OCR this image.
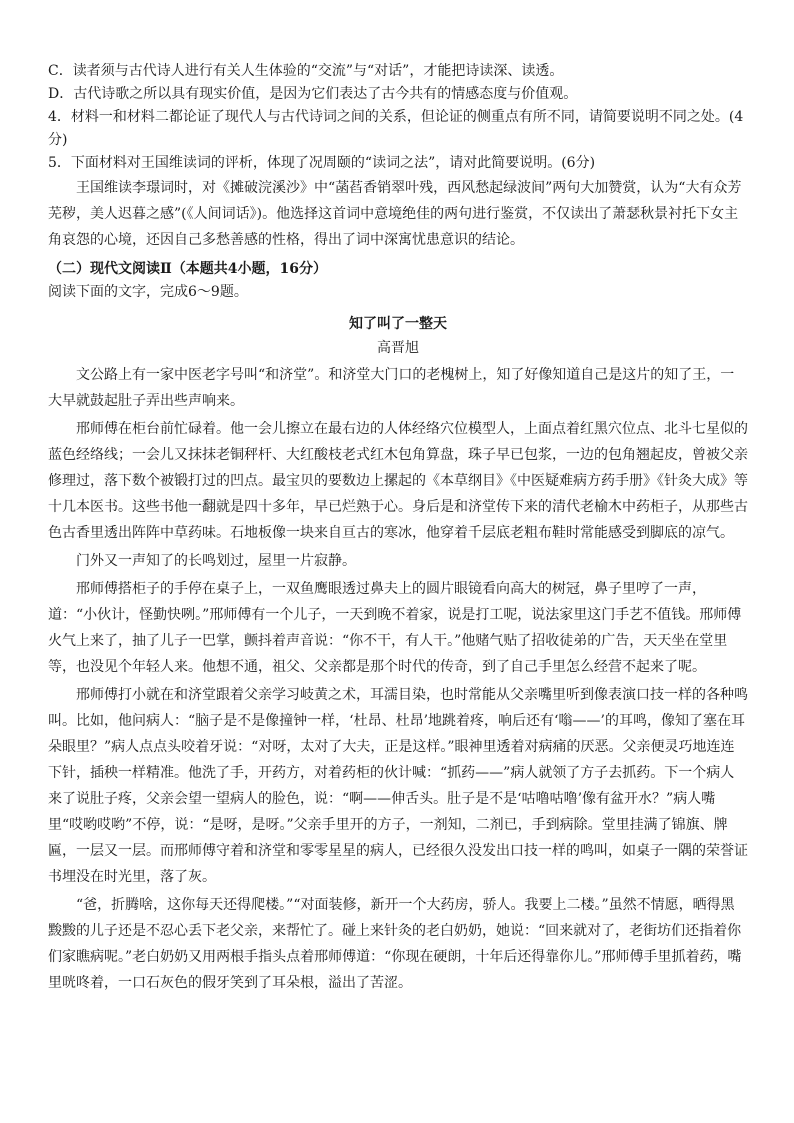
C．读者须与古代诗人进行有关人生体验的“交流”与“对话”，才能把诗读深、读透。

D．古代诗歌之所以具有现实价值，是因为它们表达了古今共有的情感态度与价值观。

4．材料一和材料二都论证了现代人与古代诗词之间的关系，但论证的侧重点有所不同，请简要说明不同之处。(4分)

5．下面材料对王国维读词的评析，体现了况周颐的“读词之法”，请对此简要说明。(6分)

王国维读李璟词时，对《摊破浣溪沙》中“菡萏香销翠叶残，西风愁起绿波间”两句大加赞赏，认为“大有众芳芜秽，美人迟暮之感”(《人间词话》)。他选择这首词中意境绝佳的两句进行鉴赏，不仅读出了萧瑟秋景衬托下女主角哀怨的心境，还因自己多愁善感的性格，得出了词中深寓忧患意识的结论。

（二）现代文阅读Ⅱ（本题共4小题，16分）

阅读下面的文字，完成6～9题。

知了叫了一整天

高晋旭

文公路上有一家中医老字号叫“和济堂”。和济堂大门口的老槐树上，知了好像知道自己是这片的知了王，一大早就鼓起肚子弄出些声响来。

邢师傅在柜台前忙碌着。他一会儿擦立在最右边的人体经络穴位模型人，上面点着红黑穴位点、北斗七星似的蓝色经络线；一会儿又抹抹老铜秤杆、大红酸枝老式红木包角算盘，珠子早已包浆，一边的包角翘起皮，曾被父亲修理过，落下数个被锻打过的凹点。最宝贝的要数边上摞起的《本草纲目》《中医疑难病方药手册》《针灸大成》等十几本医书。这些书他一翻就是四十多年，早已烂熟于心。身后是和济堂传下来的清代老榆木中药柜子，从那些古色古香里透出阵阵中草药味。石地板像一块来自亘古的寒冰，他穿着千层底老粗布鞋时常能感受到脚底的凉气。

门外又一声知了的长鸣划过，屋里一片寂静。

邢师傅搭柜子的手停在桌子上，一双鱼鹰眼透过鼻夫上的圆片眼镜看向高大的树冠，鼻子里哼了一声，道：“小伙计，怪勤快咧。”邢师傅有一个儿子，一天到晚不着家，说是打工呢，说法家里这门手艺不值钱。邢师傅火气上来了，抽了儿子一巴掌，颤抖着声音说：“你不干，有人干。”他赌气贴了招收徒弟的广告，天天坐在堂里等，也没见个年轻人来。他想不通，祖父、父亲都是那个时代的传奇，到了自己手里怎么经营不起来了呢。

邢师傅打小就在和济堂跟着父亲学习岐黄之术，耳濡目染，也时常能从父亲嘴里听到像表演口技一样的各种鸣叫。比如，他问病人：“脑子是不是像撞钟一样，‘杜昂、杜昂’地跳着疼，响后还有‘嗡——’的耳鸣，像知了塞在耳朵眼里？”病人点点头咬着牙说：“对呀，太对了大夫，正是这样。”眼神里透着对病痛的厌恶。父亲便灵巧地连连下针，插秧一样精准。他洗了手，开药方，对着药柜的伙计喊：“抓药——”病人就领了方子去抓药。下一个病人来了说肚子疼，父亲会望一望病人的脸色，说：“啊——伸舌头。肚子是不是‘咕噜咕噜’像有盆开水？”病人嘴里“哎哟哎哟”不停，说：“是呀，是呀。”父亲手里开的方子，一剂知，二剂已，手到病除。堂里挂满了锦旗、牌匾，一层又一层。而邢师傅守着和济堂和零零星星的病人，已经很久没发出口技一样的鸣叫，如桌子一隅的荣誉证书埋没在时光里，落了灰。

“爸，折腾啥，这你每天还得爬楼。”“对面装修，新开一个大药房，骄人。我要上二楼。”虽然不情愿，晒得黑黢黢的儿子还是不忍心丢下老父亲，来帮忙了。碰上来针灸的老白奶奶，她说：“回来就对了，老街坊们还指着你们家瞧病呢。”老白奶奶又用两根手指头点着邢师傅道：“你现在硬朗，十年后还得靠你儿。”邢师傅手里抓着药，嘴里咣咚着，一口石灰色的假牙笑到了耳朵根，溢出了苦涩。
